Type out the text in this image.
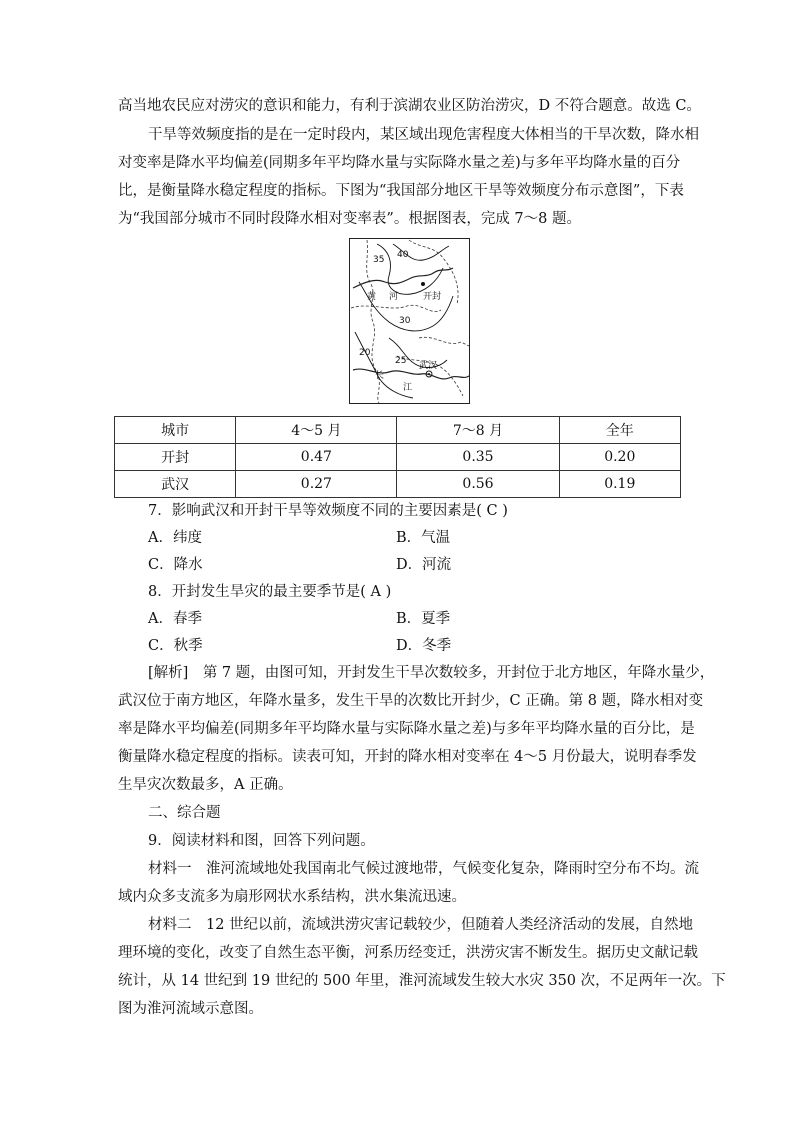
高当地农民应对涝灾的意识和能力，有利于滨湖农业区防治涝灾，D 不符合题意。故选 C。
干旱等效频度指的是在一定时段内，某区域出现危害程度大体相当的干旱次数，降水相
对变率是降水平均偏差(同期多年平均降水量与实际降水量之差)与多年平均降水量的百分
比，是衡量降水稳定程度的指标。下图为“我国部分地区干旱等效频度分布示意图”，下表
为“我国部分城市不同时段降水相对变率表”。根据图表，完成 7～8 题。
35 40
30
20
25
黄 河	开封
长
江
武汉
城市	4～5 月	7～8 月	全年
开封	0.47	0.35	0.20
武汉	0.27	0.56	0.19
7．影响武汉和开封干旱等效频度不同的主要因素是( C )
A．纬度	B．气温
C．降水	D．河流
8．开封发生旱灾的最主要季节是( A )
A．春季	B．夏季
C．秋季	D．冬季
[解析]　第 7 题，由图可知，开封发生干旱次数较多，开封位于北方地区，年降水量少，
武汉位于南方地区，年降水量多，发生干旱的次数比开封少，C 正确。第 8 题，降水相对变
率是降水平均偏差(同期多年平均降水量与实际降水量之差)与多年平均降水量的百分比，是
衡量降水稳定程度的指标。读表可知，开封的降水相对变率在 4～5 月份最大，说明春季发
生旱灾次数最多，A 正确。
二、综合题
9．阅读材料和图，回答下列问题。
材料一　淮河流域地处我国南北气候过渡地带，气候变化复杂，降雨时空分布不均。流
域内众多支流多为扇形网状水系结构，洪水集流迅速。
材料二　12 世纪以前，流域洪涝灾害记载较少，但随着人类经济活动的发展，自然地
理环境的变化，改变了自然生态平衡，河系历经变迁，洪涝灾害不断发生。据历史文献记载
统计，从 14 世纪到 19 世纪的 500 年里，淮河流域发生较大水灾 350 次，不足两年一次。下
图为淮河流域示意图。
